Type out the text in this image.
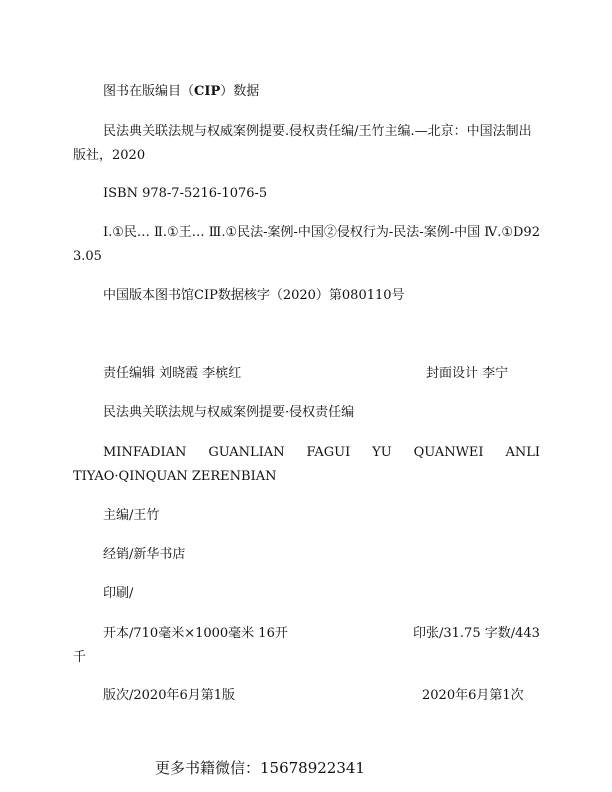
图书在版编目（CIP）数据
民法典关联法规与权威案例提要.侵权责任编/王竹主编.—北京：中国法制出版社，2020
ISBN 978-7-5216-1076-5
Ⅰ.①民… Ⅱ.①王… Ⅲ.①民法-案例-中国②侵权行为-民法-案例-中国 Ⅳ.①D923.05
中国版本图书馆CIP数据核字（2020）第080110号
责任编辑 刘晓霞 李槟红	封面设计 李宁
民法典关联法规与权威案例提要·侵权责任编
MINFADIAN GUANLIAN FAGUI YU QUANWEI ANLI TIYAO·QINQUAN ZERENBIAN
主编/王竹
经销/新华书店
印刷/
开本/710毫米×1000毫米 16开	印张/31.75 字数/443千
版次/2020年6月第1版	2020年6月第1次
更多书籍微信：15678922341
